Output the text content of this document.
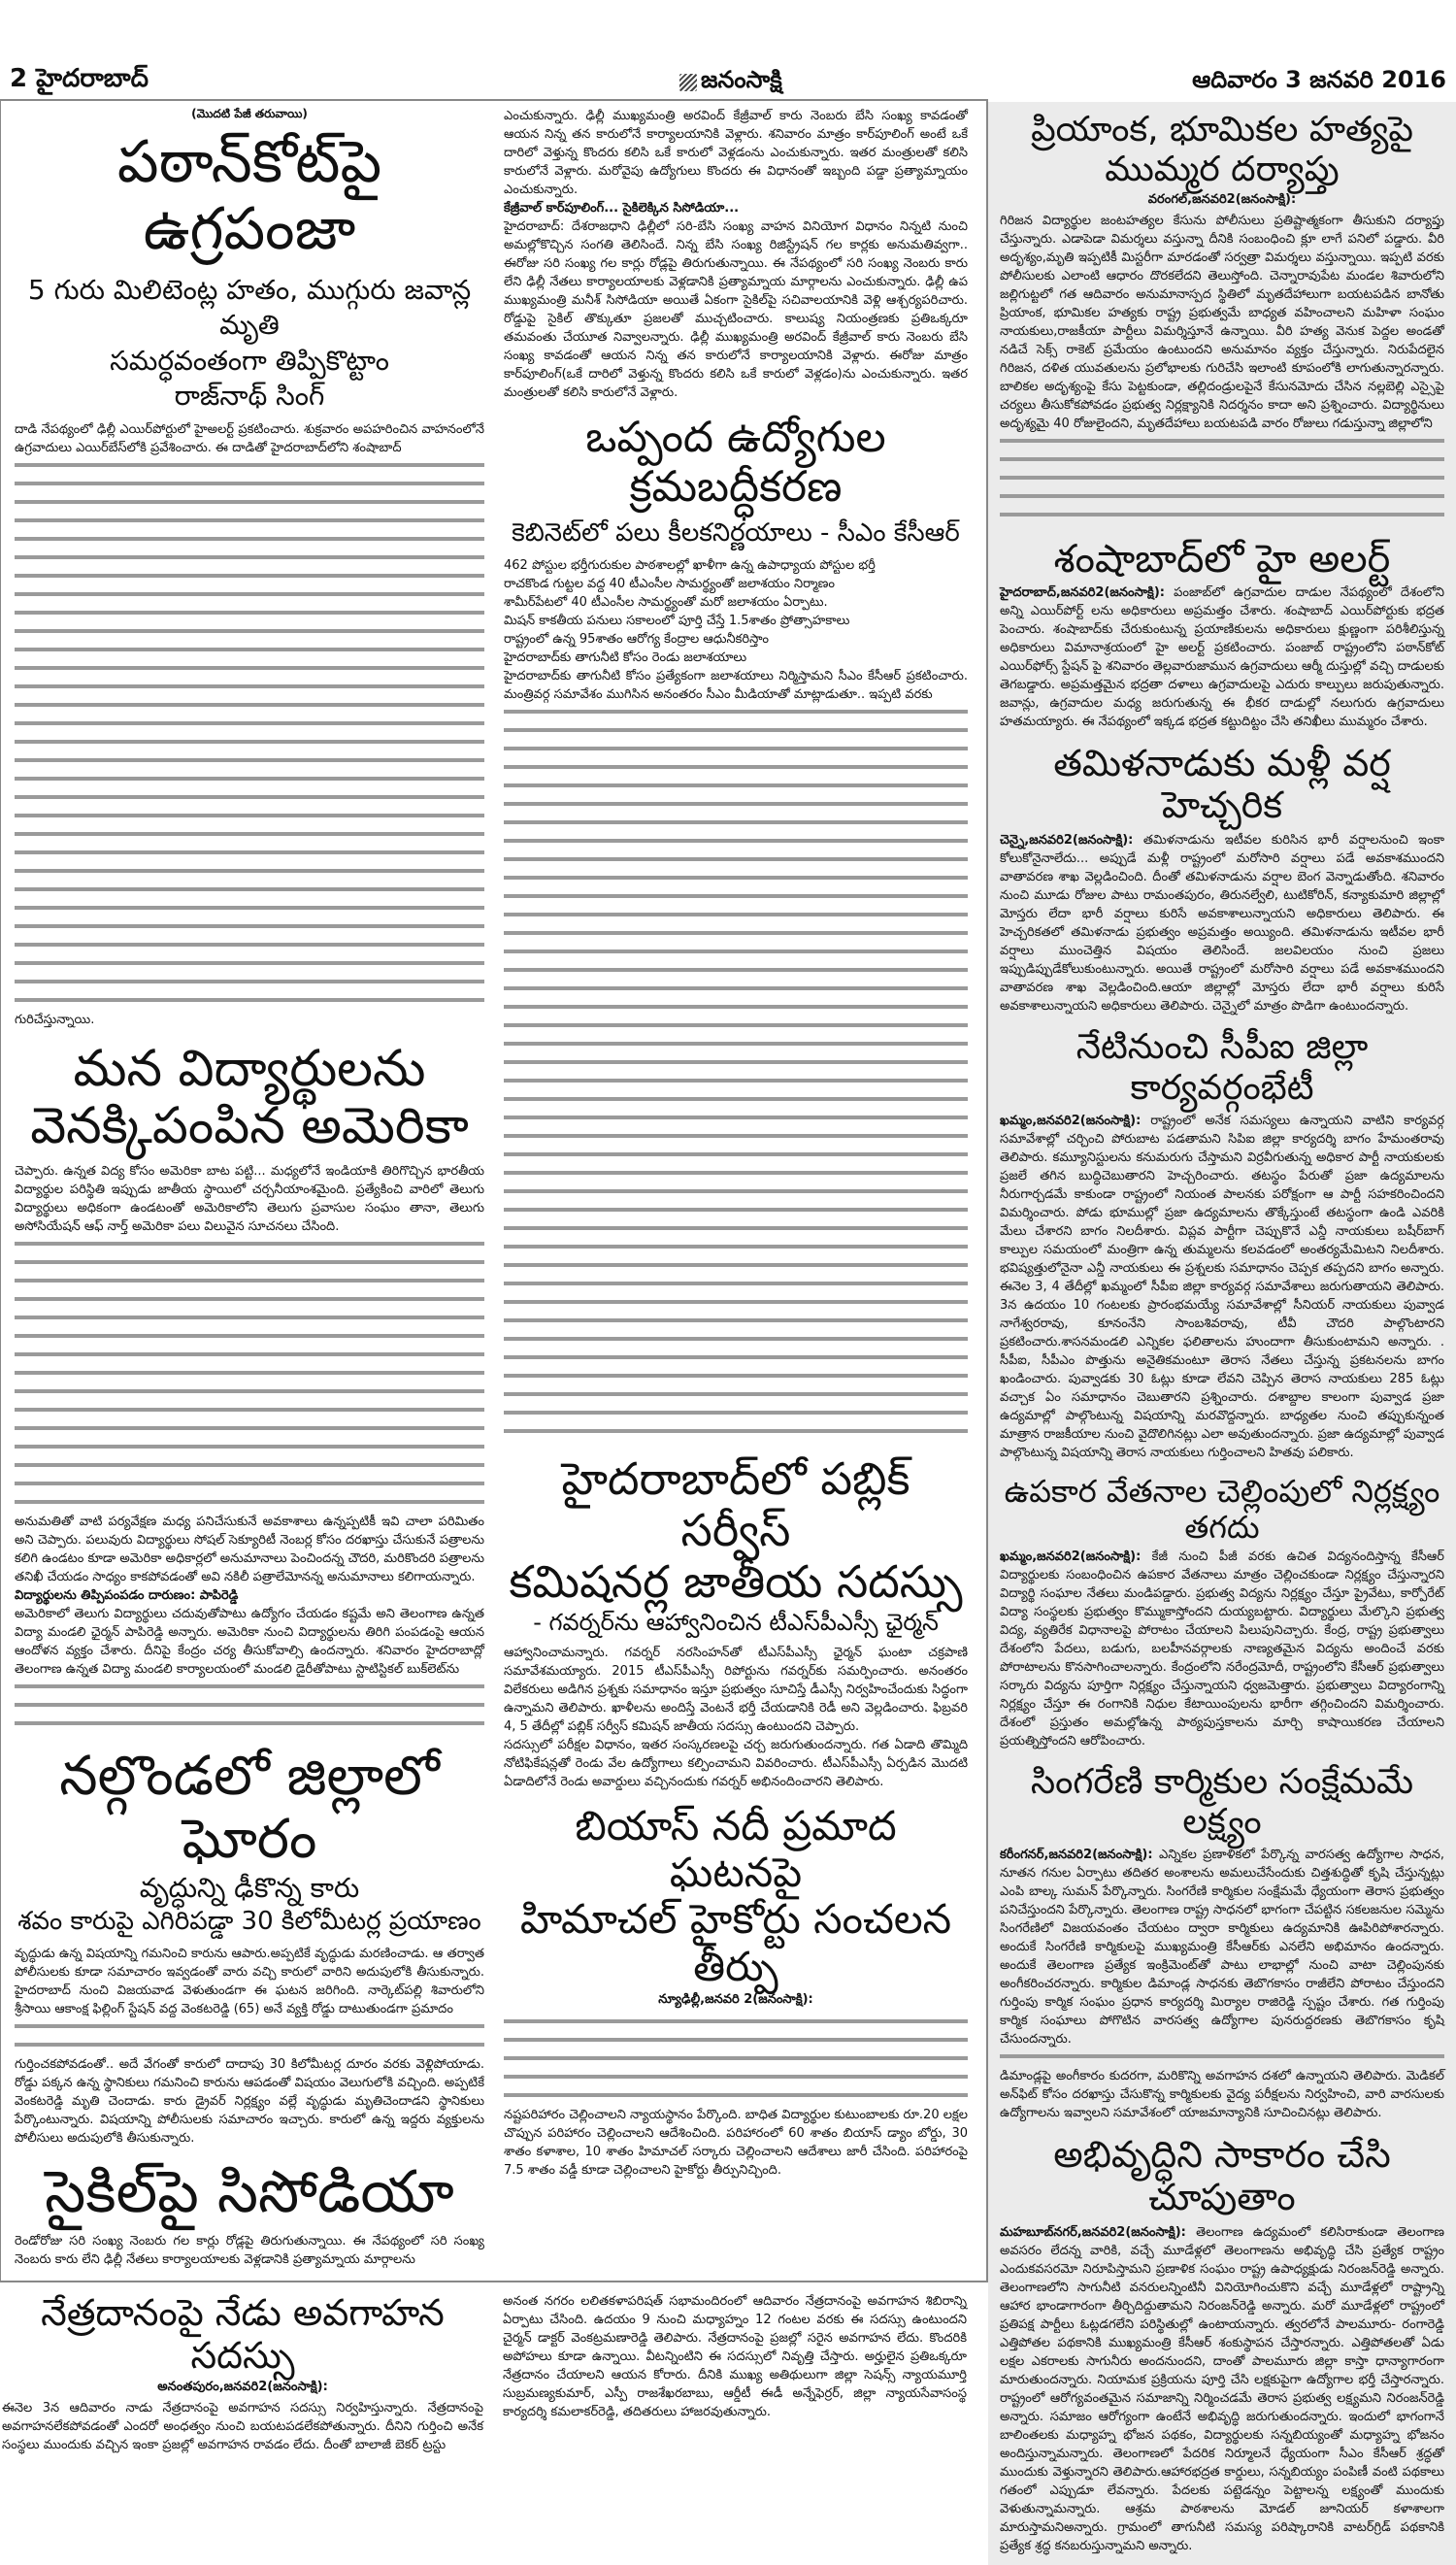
2 హైదరాబాద్	జనంసాక్షి	ఆదివారం 3 జనవరి 2016
(మొదటి పేజీ తరువాయి)
పఠాన్‌కోట్‌పై ఉగ్రపంజా
5 గురు మిలిటెంట్ల హతం, ముగ్గురు జవాన్ల మృతి
సమర్ధవంతంగా తిప్పికొట్టాం
రాజ్‌నాథ్ సింగ్

దాడి నేపథ్యంలో ఢిల్లీ ఎయిర్‌పోర్టులో హైఅలర్ట్ ప్రకటించారు. శుక్రవారం అపహరించిన వాహనంలోనే ఉగ్రవాదులు ఎయిర్‌బేస్‌లోకి ప్రవేశించారు. ఈ దాడితో హైదరాబాద్‌లోని శంషాబాద్

గురిచేస్తున్నాయి.

మన విద్యార్థులను
వెనక్కిపంపిన అమెరికా

చెప్పారు. ఉన్నత విద్య కోసం అమెరికా బాట పట్టి... మధ్యలోనే ఇండియాకి తిరిగొచ్చిన భారతీయ విద్యార్థుల పరిస్థితి ఇప్పుడు జాతీయ స్థాయిలో చర్చనీయాంశమైంది. ప్రత్యేకించి వారిలో తెలుగు విద్యార్థులు అధికంగా ఉండటంతో అమెరికాలోని తెలుగు ప్రవాసుల సంఘం తానా, తెలుగు అసోసియేషన్ ఆఫ్ నార్త్ అమెరికా పలు విలువైన సూచనలు చేసింది.

అనుమతితో వాటి పర్యవేక్షణ మధ్య పనిచేసుకునే అవకాశాలు ఉన్నప్పటికీ ఇవి చాలా పరిమితం అని చెప్పారు. పలువురు విద్యార్థులు సోషల్ సెక్యూరిటీ నెంబర్ల కోసం దరఖాస్తు చేసుకునే పత్రాలను కలిగి ఉండటం కూడా అమెరికా అధికార్లలో అనుమానాలు పెంచిందన్న చౌదరి, మరికొందరి పత్రాలను తనిఖీ చేయడం సాధ్యం కాకపోవడంతో అవి నకిలీ పత్రాలేమోనన్న అనుమానాలు కలిగాయన్నారు.

విద్యార్థులను తిప్పిపంపడం దారుణం: పాపిరెడ్డి

అమెరికాలో తెలుగు విద్యార్థులు చదువుతోపాటు ఉద్యోగం చేయడం కష్టమే అని తెలంగాణ ఉన్నత విద్యా మండలి ఛైర్మన్ పాపిరెడ్డి అన్నారు. అమెరికా నుంచి విద్యార్థులను తిరిగి పంపడంపై ఆయన ఆందోళన వ్యక్తం చేశారు. దీనిపై కేంద్రం చర్య తీసుకోవాల్సి ఉందన్నారు. శనివారం హైదరాబాద్లో తెలంగాణ ఉన్నత విద్యా మండలి కార్యాలయంలో మండలి డైరీతోపాటు స్టాటిస్టికల్ బుక్‌లెట్‌ను

నల్గొండలో జిల్లాలో ఘోరం
వృద్ధున్ని ఢీకొన్న కారు
శవం కారుపై ఎగిరిపడ్డా 30 కిలోమీటర్ల ప్రయాణం

వృద్ధుడు ఉన్న విషయాన్ని గమనించి కారును ఆపారు.అప్పటికే వృద్ధుడు మరణించాడు. ఆ తర్వాత పోలీసులకు కూడా సమాచారం ఇవ్వడంతో వారు వచ్చి కారులో వారిని అదుపులోకి తీసుకున్నారు. హైదరాబాద్ నుంచి విజయవాడ వెళుతుండగా ఈ ఘటన జరిగింది. నార్కెట్‌పల్లి శివారులోని శ్రీసాయి ఆకాంక్ష ఫిల్లింగ్ స్టేషన్ వద్ద వెంకటరెడ్డి (65) అనే వ్యక్తి రోడ్డు దాటుతుండగా ప్రమాదం

గుర్తించకపోవడంతో.. అదే వేగంతో కారులో దాదాపు 30 కిలోమీటర్ల దూరం వరకు వెళ్లిపోయాడు. రోడ్డు పక్కన ఉన్న స్థానికులు గమనించి కారును ఆపడంతో విషయం వెలుగులోకి వచ్చింది. అప్పటికే వెంకటరెడ్డి మృతి చెందాడు. కారు డ్రైవర్ నిర్లక్ష్యం వల్లే వృద్ధుడు మృతిచెందాడని స్థానికులు పేర్కొంటున్నారు. విషయాన్ని పోలీసులకు సమాచారం ఇచ్చారు. కారులో ఉన్న ఇద్దరు వ్యక్తులను పోలీసులు అదుపులోకి తీసుకున్నారు.

సైకిల్‌పై సిసోడియా

రెండోరోజు సరి సంఖ్య నెంబరు గల కార్లు రోడ్లపై తిరుగుతున్నాయి. ఈ నేపథ్యంలో సరి సంఖ్య నెంబరు కారు లేని ఢిల్లీ నేతలు కార్యాలయాలకు వెళ్లడానికి ప్రత్యామ్నాయ మార్గాలను

ఎంచుకున్నారు. ఢిల్లీ ముఖ్యమంత్రి అరవింద్ కేజ్రీవాల్ కారు నెంబరు బేసి సంఖ్య కావడంతో ఆయన నిన్న తన కారులోనే కార్యాలయానికి వెళ్లారు. శనివారం మాత్రం కార్‌పూలింగ్ అంటే ఒకే దారిలో వెళ్తున్న కొందరు కలిసి ఒకే కారులో వెళ్లడంను ఎంచుకున్నారు. ఇతర మంత్రులతో కలిసి కారులోనే వెళ్లారు. మరోవైపు ఉద్యోగులు కొందరు ఈ విధానంతో ఇబ్బంది పడ్డా ప్రత్యామ్నాయం ఎంచుకున్నారు.

కేజ్రీవాల్ కార్‌పూలింగ్... సైకిలెక్కిన సిసోడియా...

హైదరాబాద్: దేశరాజధాని ఢిల్లీలో సరి-బేసి సంఖ్య వాహన వినియోగ విధానం నిన్నటి నుంచి అమల్లోకొచ్చిన సంగతి తెలిసిందే. నిన్న బేసి సంఖ్య రిజిస్ట్రేషన్ గల కార్లకు అనుమతివ్వగా.. ఈరోజు సరి సంఖ్య గల కార్లు రోడ్లపై తిరుగుతున్నాయి. ఈ నేపథ్యంలో సరి సంఖ్య నెంబరు కారు లేని ఢిల్లీ నేతలు కార్యాలయాలకు వెళ్లడానికి ప్రత్యామ్నాయ మార్గాలను ఎంచుకున్నారు. ఢిల్లీ ఉప ముఖ్యమంత్రి మనీశ్ సిసోడియా అయితే ఏకంగా సైకిల్‌పై సచివాలయానికి వెళ్లి ఆశ్చర్యపరిచారు. రోడ్డుపై సైకిల్ తొక్కుతూ ప్రజలతో ముచ్చటించారు. కాలుష్య నియంత్రణకు ప్రతిఒక్కరూ తమవంతు చేయూత నివ్వాలన్నారు. ఢిల్లీ ముఖ్యమంత్రి అరవింద్ కేజ్రీవాల్ కారు నెంబరు బేసి సంఖ్య కావడంతో ఆయన నిన్న తన కారులోనే కార్యాలయానికి వెళ్లారు. ఈరోజు మాత్రం కార్‌పూలింగ్(ఒకే దారిలో వెళ్తున్న కొందరు కలిసి ఒకే కారులో వెళ్లడం)ను ఎంచుకున్నారు. ఇతర మంత్రులతో కలిసి కారులోనే వెళ్లారు.

ఒప్పంద ఉద్యోగుల క్రమబద్ధీకరణ
కెబినెట్‌లో పలు కీలకనిర్ణయాలు - సీఎం కేసీఆర్

462 పోస్టుల భర్తీగురుకుల పాఠశాలల్లో ఖాళీగా ఉన్న ఉపాధ్యాయ పోస్టుల భర్తీ

రాచకొండ గుట్టల వద్ద 40 టీఎంసీల సామర్థ్యంతో జలాశయం నిర్మాణం

శామీర్‌పేటలో 40 టీఎంసీల సామర్థ్యంతో మరో జలాశయం ఏర్పాటు.

మిషన్ కాకతీయ పనులు సకాలంలో పూర్తి చేస్తే 1.5శాతం ప్రోత్సాహకాలు

రాష్ట్రంలో ఉన్న 95శాతం ఆరోగ్య కేంద్రాల ఆధునీకరిస్తాం

హైదరాబాద్‌కు తాగునీటి కోసం రెండు జలాశయాలు

హైదరాబాద్‌కు తాగునీటి కోసం ప్రత్యేకంగా జలాశయాలు నిర్మిస్తామని సీఎం కేసీఆర్ ప్రకటించారు. మంత్రివర్గ సమావేశం ముగిసిన అనంతరం సీఎం మీడియాతో మాట్లాడుతూ.. ఇప్పటి వరకు

హైదరాబాద్‌లో పబ్లిక్ సర్వీస్
కమిషనర్ల జాతీయ సదస్సు
- గవర్నర్‌ను ఆహ్వానించిన టీఎస్‌పీఎస్సీ ఛైర్మన్

ఆహ్వానించామన్నారు. గవర్నర్ నరసింహన్‌తో టీఎస్‌పీఎస్సీ ఛైర్మన్ ఘంటా చక్రపాణి సమావేశమయ్యారు. 2015 టీఎస్‌పీఎస్సీ రిపోర్టును గవర్నర్‌కు సమర్పించారు. అనంతరం విలేకరులు అడిగిన ప్రశ్నకు సమాధానం ఇస్తూ ప్రభుత్వం సూచిస్తే డీఎస్సీ నిర్వహించేందుకు సిద్ధంగా ఉన్నామని తెలిపారు. ఖాళీలను అందిస్తే వెంటనే భర్తీ చేయడానికి రెడీ అని వెల్లడించారు. ఫిబ్రవరి 4, 5 తేదీల్లో పబ్లిక్ సర్వీస్ కమిషన్ జాతీయ సదస్సు ఉంటుందని చెప్పారు.

సదస్సులో పరీక్షల విధానం, ఇతర సంస్కరణలపై చర్చ జరుగుతుందన్నారు. గత ఏడాది తొమ్మిది నోటిఫికేషన్లతో రెండు వేల ఉద్యోగాలు కల్పించామని వివరించారు. టీఎస్‌పీఎస్సీ ఏర్పడిన మొదటి ఏడాదిలోనే రెండు అవార్డులు వచ్చినందుకు గవర్నర్ అభినందించారని తెలిపారు.

బియాస్ నదీ ప్రమాద ఘటనపై
హిమాచల్ హైకోర్టు సంచలన తీర్పు
న్యూఢిల్లీ,జనవరి 2(జనంసాక్షి):

నష్టపరిహారం చెల్లించాలని న్యాయస్థానం పేర్కొంది. బాధిత విద్యార్థుల కుటుంబాలకు రూ.20 లక్షల చొప్పున పరిహారం చెల్లించాలని ఆదేశించింది. పరిహారంలో 60 శాతం బియాస్ డ్యాం బోర్డు, 30 శాతం కళాశాల, 10 శాతం హిమాచల్ సర్కారు చెల్లించాలని ఆదేశాలు జారీ చేసింది. పరిహారంపై 7.5 శాతం వడ్డీ కూడా చెల్లించాలని హైకోర్టు తీర్పునిచ్చింది.

నేత్రదానంపై నేడు అవగాహన సదస్సు
అనంతపురం,జనవరి2(జనంసాక్షి):

ఈనెల 3న ఆదివారం నాడు నేత్రదానంపై అవగాహన సదస్సు నిర్వహిస్తున్నారు. నేత్రదానంపై అవగాహనలేకపోవడంతో ఎందరో అంధత్వం నుంచి బయటపడలేకపోతున్నారు. దీనిని గుర్తించి అనేక సంస్థలు ముందుకు వచ్చిన ఇంకా ప్రజల్లో అవగాహన రావడం లేదు. దీంతో బాలాజీ బెకర్ ట్రస్టు

అనంత నగరం లలితకళాపరిషత్ సభామందిరంలో ఆదివారం నేత్రదానంపై అవగాహన శిబిరాన్ని ఏర్పాటు చేసింది. ఉదయం 9 నుంచి మధ్యాహ్నం 12 గంటల వరకు ఈ సదస్సు ఉంటుందని చైర్మన్ డాక్టర్ వెంకట్రమణారెడ్డి తెలిపారు. నేత్రదానంపై ప్రజల్లో సరైన అవగాహన లేదు. కొందరికి అపోహలు కూడా ఉన్నాయి. వీటన్నింటిని ఈ సదస్సులో నివృత్తి చేస్తారు. అర్హులైన ప్రతిఒక్కరూ నేత్రదానం చేయాలని ఆయన కోరారు. దీనికి ముఖ్య అతిథులుగా జిల్లా సెషన్స్ న్యాయమూర్తి సుబ్రమణ్యకుమార్, ఎస్పీ రాజశేఖరబాబు, ఆర్డీటీ ఈడీ అన్నేఫెర్రర్, జిల్లా న్యాయసేవాసంస్థ కార్యదర్శి కమలాకర్‌రెడ్డి, తదితరులు హాజరవుతున్నారు.

ప్రియాంక, భూమికల హత్యపై ముమ్మర దర్యాప్తు
వరంగల్,జనవరి2(జనంసాక్షి):

గిరిజన విద్యార్థుల జంటహత్యల కేసును పోలీసులు ప్రతిష్టాత్మకంగా తీసుకుని దర్యాప్తు చేస్తున్నారు. ఎడాపెడా విమర్శలు వస్తున్నా దీనికి సంబంధించి క్లూ లాగే పనిలో పడ్డారు. వీరి అదృశ్యం,మృతి ఇప్పటికీ మిస్టరీగా మారడంతో సర్వత్రా విమర్శలు వస్తున్నాయి. ఇప్పటి వరకు పోలీసులకు ఎలాంటి ఆధారం దొరకలేదని తెలుస్తోంది. చెన్నారావుపేట మండల శివారులోని జల్లిగుట్టలో గత ఆదివారం అనుమానాస్పద స్థితిలో మృతదేహాలుగా బయటపడిన బానోతు ప్రియాంక, భూమికల హత్యకు రాష్ట్ర ప్రభుత్వమే బాధ్యత వహించాలని మహిళా సంఘం నాయకులు,రాజకీయా పార్టీలు విమర్శిస్తూనే ఉన్నాయి. వీరి హత్య వెనుక పెద్దల అండతో నడిచే సెక్స్ రాకెట్ ప్రమేయం ఉంటుందని అనుమానం వ్యక్తం చేస్తున్నారు. నిరుపేదలైన గిరిజన, దళిత యువతులను ప్రలోభాలకు గురిచేసి ఇలాంటి కూపంలోకి లాగుతున్నారన్నారు. బాలికల అదృశ్యంపై కేసు పెట్టకుండా, తల్లిదండ్రులపైనే కేసునమోదు చేసిన నల్లబెల్లి ఎస్సైపై చర్యలు తీసుకోకపోవడం ప్రభుత్వ నిర్లక్ష్యానికి నిదర్శనం కాదా అని ప్రశ్నించారు. విద్యార్థినులు అదృశ్యమై 40 రోజులైందని, మృతదేహాలు బయటపడి వారం రోజులు గడుస్తున్నా జిల్లాలోని

శంషాబాద్‌లో హై అలర్ట్

హైదరాబాద్,జనవరి2(జనంసాక్షి): పంజాబ్‌లో ఉగ్రవాదుల దాడుల నేపథ్యంలో దేశంలోని అన్ని ఎయిర్‌పోర్ట్ లను అధికారులు అప్రమత్తం చేశారు. శంషాబాద్ ఎయిర్‌పోర్టుకు భద్రత పెంచారు. శంషాబాద్‌కు చేరుకుంటున్న ప్రయాణికులను అధికారులు క్షుణ్ణంగా పరిశీలిస్తున్న అధికారులు విమానాశ్రయంలో హై అలర్ట్ ప్రకటించారు. పంజాబ్ రాష్ట్రంలోని పఠాన్‌కోట్ ఎయిర్‌ఫోర్స్ స్టేషన్ పై శనివారం తెల్లవారుజామున ఉగ్రవాదులు ఆర్మీ దుస్తుల్లో వచ్చి దాడులకు తెగబడ్డారు. అప్రమత్తమైన భద్రతా దళాలు ఉగ్రవాదులపై ఎదురు కాల్పులు జరుపుతున్నారు. జవాన్లు, ఉగ్రవాదుల మధ్య జరుగుతున్న ఈ భీకర దాడుల్లో నలుగురు ఉగ్రవాదులు హతమయ్యారు. ఈ నేపథ్యంలో ఇక్కడ భద్రత కట్టుదిట్టం చేసి తనిఖీలు ముమ్మరం చేశారు.

తమిళనాడుకు మళ్లీ వర్ష హెచ్చరిక

చెన్నై,జనవరి2(జనంసాక్షి): తమిళనాడును ఇటీవల కురిసిన భారీ వర్షాలనుంచి ఇంకా కోలుకోనైనాలేదు... అప్పుడే మళ్లీ రాష్ట్రంలో మరోసారి వర్షాలు పడే అవకాశముందని వాతావరణ శాఖ వెల్లడించింది. దీంతో తమిళనాడును వర్షాల బెంగ వెన్నాడుతోంది. శనివారం నుంచి మూడు రోజుల పాటు రామంతపురం, తిరునల్వేలి, టుటికోరిన్, కన్యాకుమారి జిల్లాల్లో మోస్తరు లేదా భారీ వర్షాలు కురిసే అవకాశాలున్నాయని అధికారులు తెలిపారు. ఈ హెచ్చరికతలో తమిళనాడు ప్రభుత్వం అప్రమత్తం అయ్యింది. తమిళనాడును ఇటీవల భారీ వర్షాలు ముంచెత్తిన విషయం తెలిసిందే. జలవిలయం నుంచి ప్రజలు ఇప్పుడిప్పుడేకోలుకుంటున్నారు. అయితే రాష్ట్రంలో మరోసారి వర్షాలు పడే అవకాశముందని వాతావరణ శాఖ వెల్లడించింది.ఆయా జిల్లాల్లో మోస్తరు లేదా భారీ వర్షాలు కురిసే అవకాశాలున్నాయని అధికారులు తెలిపారు. చెన్నైలో మాత్రం పొడిగా ఉంటుందన్నారు.

నేటినుంచి సీపీఐ జిల్లా కార్యవర్గంభేటీ

ఖమ్మం,జనవరి2(జనంసాక్షి): రాష్ట్రంలో అనేక సమస్యలు ఉన్నాయని వాటిని కార్యవర్గ సమావేశాల్లో చర్చించి పోరుబాట పడతామని సిపిఐ జిల్లా కార్యదర్శి బాగం హేమంతరావు తెలిపారు. కమ్యూనిస్టులను కనుమరుగు చేస్తామని విర్రవీగుతున్న అధికార పార్టీ నాయకులకు ప్రజలే తగిన బుద్ధిచెబుతారని హెచ్చరించారు. తటస్థం పేరుతో ప్రజా ఉద్యమాలను నీరుగార్చడమే కాకుండా రాష్ట్రంలో నియంత పాలనకు పరోక్షంగా ఆ పార్టీ సహకరించిందని విమర్శించారు. పోడు భూముల్లో ప్రజా ఉద్యమాలను తొక్కేస్తుంటే తటస్థంగా ఉండి ఎవరికి మేలు చేశారని బాగం నిలదీశారు. విప్లవ పార్టీగా చెప్పుకొనే ఎన్డీ నాయకులు బషీర్‌బాగ్ కాల్పుల సమయంలో మంత్రిగా ఉన్న తుమ్మలను కలవడంలో అంతర్యమేమిటని నిలదీశారు. భవిష్యత్తులోనైనా ఎన్డీ నాయకులు ఈ ప్రశ్నలకు సమాధానం చెప్పక తప్పదని బాగం అన్నారు. ఈనెల 3, 4 తేదీల్లో ఖమ్మంలో సీపీఐ జిల్లా కార్యవర్గ సమావేశాలు జరుగుతాయని తెలిపారు. 3న ఉదయం 10 గంటలకు ప్రారంభమయ్యే సమావేశాల్లో సీనియర్ నాయకులు పువ్వాడ నాగేశ్వరరావు, కూనంనేని సాంబశివరావు, టీవీ చౌదరి పాల్గొంటారని ప్రకటించారు.శాసనమండలి ఎన్నికల ఫలితాలను హుందాగా తీసుకుంటామని అన్నారు. . సీపీఐ, సీపీఎం పొత్తును అనైతికమంటూ తెరాస నేతలు చేస్తున్న ప్రకటనలను బాగం ఖండించారు. పువ్వాడకు 30 ఓట్లు కూడా లేవని చెప్పిన తెరాస నాయకులు 285 ఓట్లు వచ్చాక ఏం సమాధానం చెబుతారని ప్రశ్నించారు. దశాబ్దాల కాలంగా పువ్వాడ ప్రజా ఉద్యమాల్లో పాల్గొంటున్న విషయాన్ని మరవొద్దన్నారు. బాధ్యతల నుంచి తప్పుకున్నంత మాత్రాన రాజకీయాల నుంచి వైదొలిగినట్లు ఎలా అవుతుందన్నారు. ప్రజా ఉద్యమాల్లో పువ్వాడ పాల్గొంటున్న విషయాన్ని తెరాస నాయకులు గుర్తించాలని హితవు పలికారు.

ఉపకార వేతనాల చెల్లింపులో నిర్లక్ష్యం తగదు

ఖమ్మం,జనవరి2(జనంసాక్షి): కేజీ నుంచి పీజీ వరకు ఉచిత విద్యనందిస్తాన్న కేసీఆర్ విద్యార్థులకు సంబంధించిన ఉపకార వేతనాలు మాత్రం చెల్లించకుండా నిర్లక్ష్యం చేస్తున్నారని విద్యార్థి సంఘాల నేతలు మండిపడ్డారు. ప్రభుత్వ విద్యను నిర్లక్ష్యం చేస్తూ ప్రైవేటు, కార్పోరేట్ విద్యా సంస్థలకు ప్రభుత్వం కొమ్ముకాస్తోందని దుయ్యబట్టారు. విద్యార్థులు మేల్కొని ప్రభుత్వ విద్య, వ్యతిరేక విధానాలపై పోరాటం చేయాలని పిలుపునిచ్చారు. కేంద్ర, రాష్ట్ర ప్రభుత్వాలు దేశంలోని పేదలు, బడుగు, బలహీనవర్గాలకు నాణ్యతమైన విద్యను అందించే వరకు పోరాటాలను కొనసాగించాలన్నారు. కేంద్రంలోని నరేంద్రమోదీ, రాష్ట్రంలోని కేసీఆర్ ప్రభుత్వాలు సర్కారు విద్యను పూర్తిగా నిర్లక్ష్యం చేస్తున్నాయని ధ్వజమెత్తారు. ప్రభుత్వాలు విద్యారంగాన్ని నిర్లక్ష్యం చేస్తూ ఈ రంగానికి నిధుల కేటాయింపులను భారీగా తగ్గించిందని విమర్శించారు. దేశంలో ప్రస్తుతం అమల్లోఉన్న పాఠ్యపుస్తకాలను మార్చి కాషాయికరణ చేయాలని ప్రయత్నిస్తోందని ఆరోపించారు.

సింగరేణి కార్మికుల సంక్షేమమే లక్ష్యం

కరీంగనర్,జనవరి2(జనంసాక్షి): ఎన్నికల ప్రణాళికలో పేర్కొన్న వారసత్వ ఉద్యోగాల సాధన, నూతన గనుల ఏర్పాటు తదితర అంశాలను అమలుచేసేందుకు చిత్తశుద్ధితో కృషి చేస్తున్నట్లు ఎంపి బాల్క సుమన్ పేర్కొన్నారు. సింగరేణి కార్మికుల సంక్షేమమే ధ్యేయంగా తెరాస ప్రభుత్వం పనిచేస్తుందని పేర్కొన్నారు. తెలంగాణ రాష్ట్ర సాధనలో భాగంగా చేపట్టిన సకలజనుల సమ్మెను సింగరేణిలో విజయవంతం చేయటం ద్వారా కార్మికులు ఉద్యమానికి ఊపిరిపోశారన్నారు. అందుకే సింగరేణి కార్మికులపై ముఖ్యమంత్రి కేసీఆర్‌కు ఎనలేని అభిమానం ఉందన్నారు. అందుకే తెలంగాణ ప్రత్యేక ఇంక్రిమెంట్‌తో పాటు లాభాల్లో నుంచి వాటా చెల్లింపునకు అంగీకరించరన్నారు. కార్మికుల డిమాండ్ల సాధనకు తెబొగకాసం రాజీలేని పోరాటం చేస్తుందని గుర్తింపు కార్మిక సంఘం ప్రధాన కార్యదర్శి మిర్యాల రాజిరెడ్డి స్పష్టం చేశారు. గత గుర్తింపు కార్మిక సంఘాలు పోగొటిన వారసత్వ ఉద్యోగాల పునరుద్దరణకు తెబొగకాసం కృషి చేసుందన్నారు.

డిమాండ్లపై అంగీకారం కుదరగా, మరికొన్ని అవగాహన దశలో ఉన్నాయని తెలిపారు. మెడికల్ అన్‌ఫిట్ కోసం దరఖాస్తు చేసుకొన్న కార్మికులకు వైద్య పరీక్షలను నిర్వహించి, వారి వారసులకు ఉద్యోగాలను ఇవ్వాలని సమావేశంలో యాజమాన్యానికి సూచించినట్లు తెలిపారు.

అభివృద్ధిని సాకారం చేసి చూపుతాం

మహబూబ్‌నగర్,జనవరి2(జనంసాక్షి): తెలంగాణ ఉద్యమంలో కలిసిరాకుండా తెలంగాణ అవసరం లేదన్న వారికి, వచ్చే మూడేళ్లలో తెలంగాణను అభివృద్ధి చేసి ప్రత్యేక రాష్ట్రం ఎందుకవసరమో నిరూపిస్తామని ప్రణాళిక సంఘం రాష్ట్ర ఉపాధ్యక్షుడు నిరంజన్‌రెడ్డి అన్నారు. తెలంగాణలోని సాగునీటి వనరులన్నింటినీ వినియోగించుకొని వచ్చే మూడేళ్లలో రాష్ట్రాన్ని ఆహార భాండాగారంగా తీర్చిదిద్దుతామని నిరంజన్‌రెడ్డి అన్నారు. మరో మూడేళ్లలో రాష్ట్రంలో ప్రతిపక్ష పార్టీలు ఓట్లడగలేని పరిస్థితుల్లో ఉంటాయన్నారు. త్వరలోనే పాలమూరు- రంగారెడ్డి ఎత్తిపోతల పథకానికి ముఖ్యమంత్రి కేసీఆర్ శంకుస్థాపన చేస్తారన్నారు. ఎత్తిపోతలతో ఏడు లక్షల ఎకరాలకు సాగునీరు అందనుందని, దాంతో పాలమూరు జిల్లా కాస్తా ధాన్యాగారంగా మారుతుందన్నారు. నియామక ప్రక్రియను పూర్తి చేసి లక్షకుపైగా ఉద్యోగాల భర్తీ చేస్తారన్నారు. రాష్ట్రంలో ఆరోగ్యవంతమైన సమాజాన్ని నిర్మించడమే తెరాస ప్రభుత్వ లక్ష్యమని నిరంజన్‌రెడ్డి అన్నారు. సమాజం ఆరోగ్యంగా ఉంటేనే అభివృద్ధి జరుగుతుందన్నారు. ఇందులో భాగంగానే బాలింతలకు మధ్యాహ్న భోజన పథకం, విద్యార్థులకు సన్నబియ్యంతో మధ్యాహ్న భోజనం అందిస్తున్నామన్నారు. తెలంగాణలో పేదరిక నిర్మూలనే ధ్యేయంగా సీఎం కేసీఆర్ శ్రద్ధతో ముందుకు వెళ్తున్నారని తెలిపారు.ఆహారభద్రత కార్డులు, సన్నబియ్యం పంపిణీ వంటి పథకాలు గతంలో ఎప్పుడూ లేవన్నారు. పేదలకు పట్టెడన్నం పెట్టాలన్న లక్ష్యంతో ముందుకు వెళుతున్నామన్నారు. ఆశ్రమ పాఠశాలను మోడల్ జూనియర్ కళాశాలగా మారుస్తామనిఅన్నారు. గ్రామంలో తాగునీటి సమస్య పరిష్కారానికి వాటర్‌గ్రిడ్ పథకానికి ప్రత్యేక శ్రద్ధ కనబరుస్తున్నామని అన్నారు.
